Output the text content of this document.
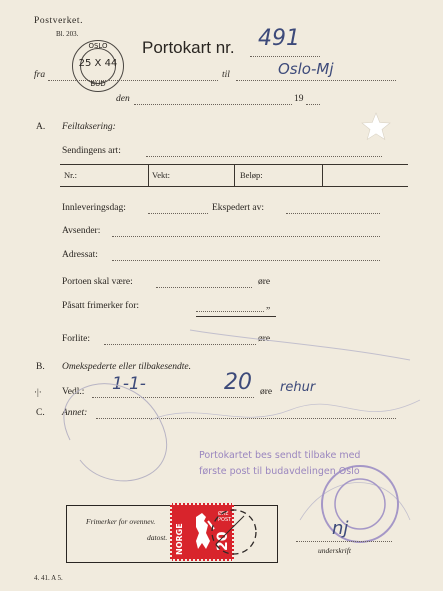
Postverket.
Bl. 203.
OSLO
25 X 44
BUD
Portokart nr. 491
fra	til	Oslo-Mj
den	19
A. Feiltaksering:
Sendingens art:
Nr.:	Vekt:	Beløp:
Innleveringsdag:	Ekspedert av:
Avsender:
Adressat:
Portoen skal være:	øre
Påsatt frimerker for:	„
Forlite:	øre
B. Omekspederte eller tilbakesendte.
·|· Vedl.: 1-1-	20 øre rehur
C. Annet:
Portokartet bes sendt tilbake med
første post til budavdelingen Oslo
Frimerker for ovennev.
datost. NORGE 20
ØRE POST	nj
underskrift
4. 41. A 5.
